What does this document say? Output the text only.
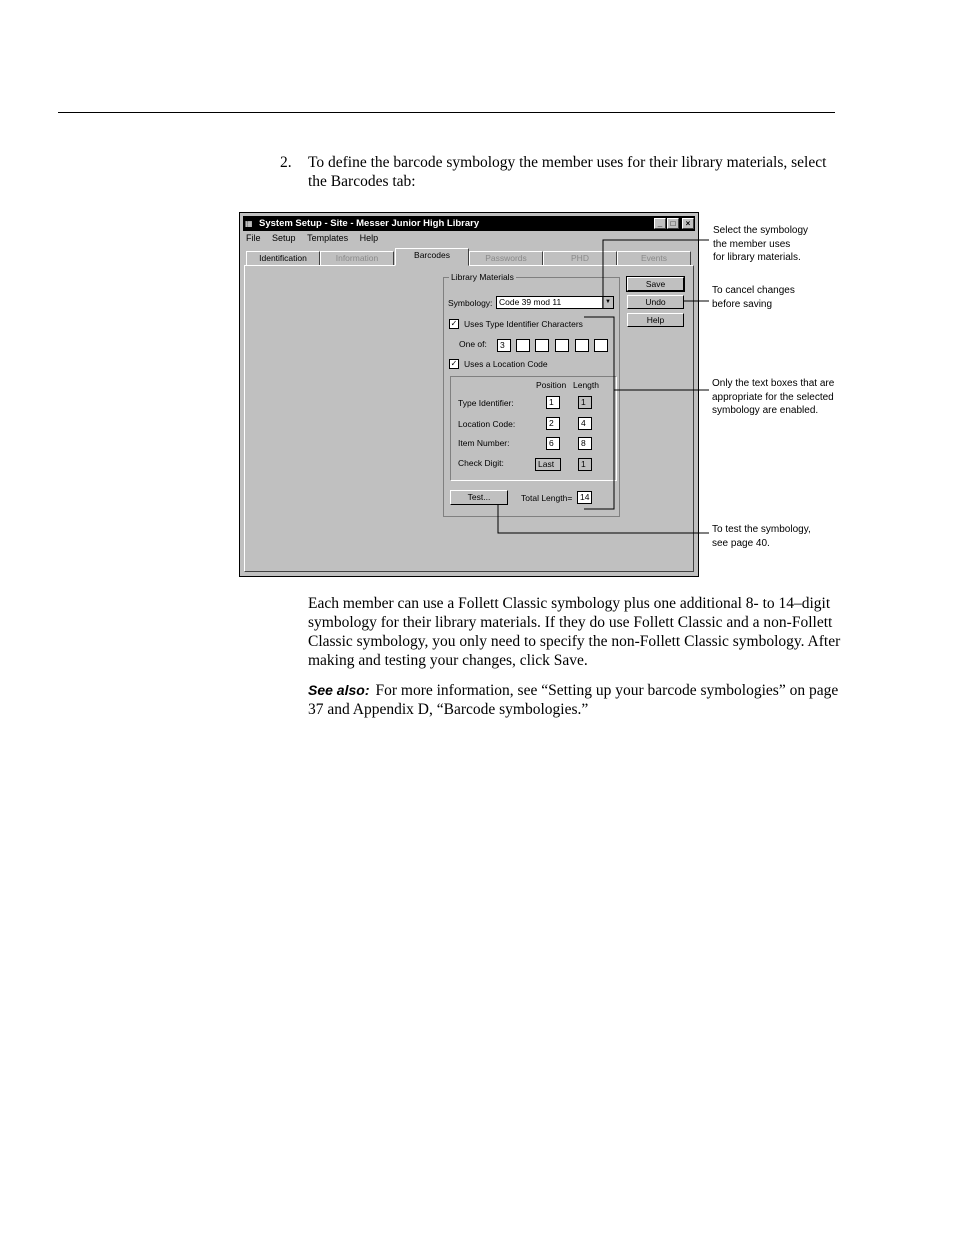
2. To define the barcode symbology the member uses for their library materials, select the Barcodes tab:
▦ System Setup - Site - Messer Junior High Library	_	□	×
File Setup Templates Help
Identification	Information	Barcodes	Passwords	PHD	Events
Library Materials
Symbology: Code 39 mod 11	▼
✓ Uses Type Identifier Characters
One of:	3
✓ Uses a Location Code
Position Length
Type Identifier:	1	1
Location Code:	2	4
Item Number:	6	8
Check Digit:	Last	1
Test...	Total Length= 14
Save
Undo
Help
Select the symbology
the member uses
for library materials.
To cancel changes
before saving
Only the text boxes that are
appropriate for the selected
symbology are enabled.
To test the symbology,
see page 40.

Each member can use a Follett Classic symbology plus one additional 8- to 14–digit symbology for their library materials. If they do use Follett Classic and a non-Follett Classic symbology, you only need to specify the non-Follett Classic symbology. After making and testing your changes, click Save.

See also: For more information, see “Setting up your barcode symbologies” on page 37 and Appendix D, “Barcode symbologies.”
